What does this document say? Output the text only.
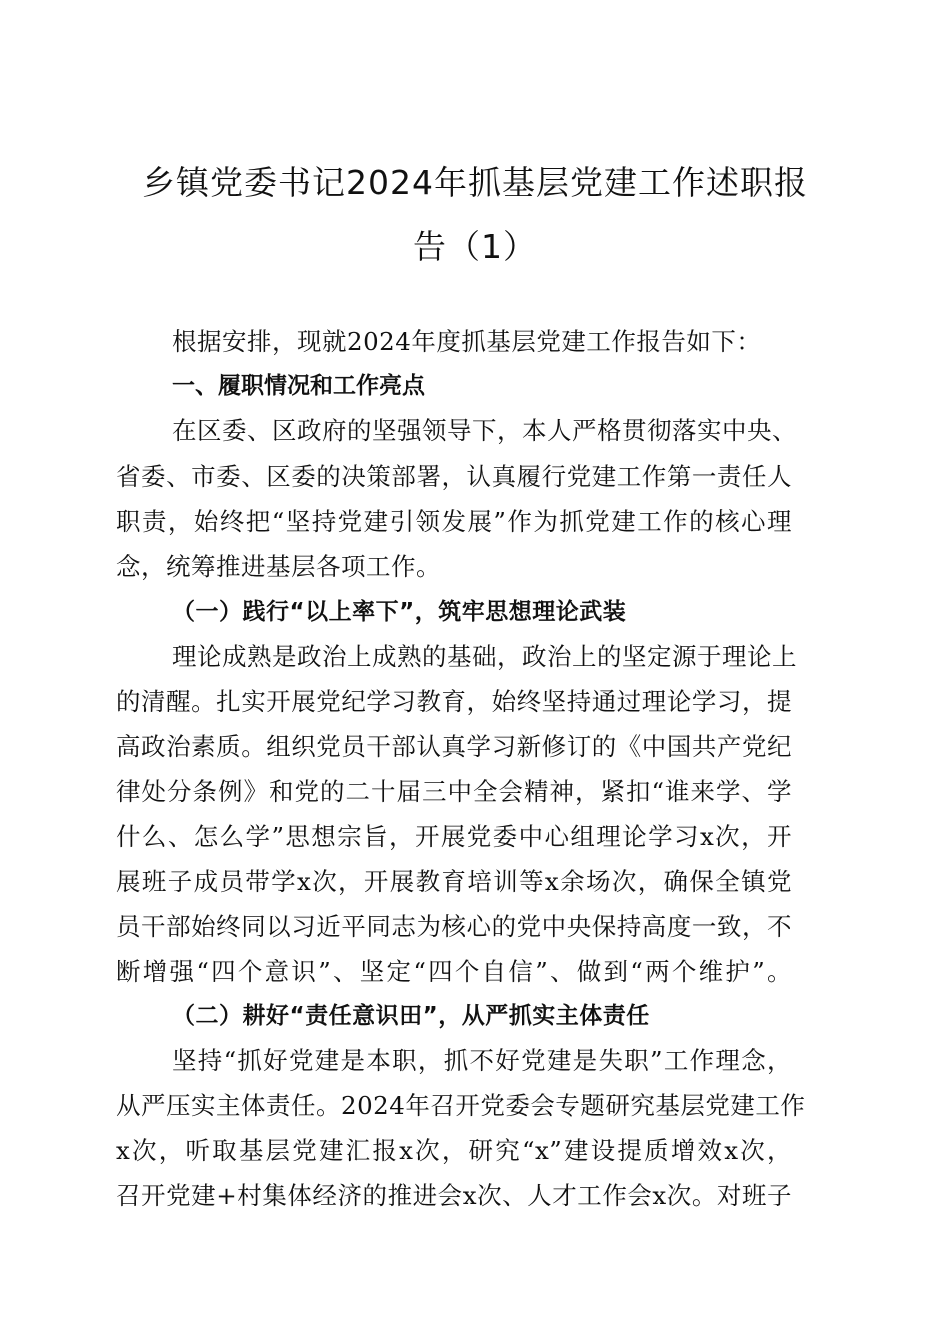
乡镇党委书记2024年抓基层党建工作述职报
告（1）

根据安排，现就2024年度抓基层党建工作报告如下：

一、履职情况和工作亮点

在区委、区政府的坚强领导下，本人严格贯彻落实中央、

省委、市委、区委的决策部署，认真履行党建工作第一责任人

职责，始终把“坚持党建引领发展”作为抓党建工作的核心理

念，统筹推进基层各项工作。

（一）践行“以上率下”，筑牢思想理论武装

理论成熟是政治上成熟的基础，政治上的坚定源于理论上

的清醒。扎实开展党纪学习教育，始终坚持通过理论学习，提

高政治素质。组织党员干部认真学习新修订的《中国共产党纪

律处分条例》和党的二十届三中全会精神，紧扣“谁来学、学

什么、怎么学”思想宗旨，开展党委中心组理论学习x次，开

展班子成员带学x次，开展教育培训等x余场次，确保全镇党

员干部始终同以习近平同志为核心的党中央保持高度一致，不

断增强“四个意识”、坚定“四个自信”、做到“两个维护”。

（二）耕好“责任意识田”，从严抓实主体责任

坚持“抓好党建是本职，抓不好党建是失职”工作理念，

从严压实主体责任。2024年召开党委会专题研究基层党建工作

x次，听取基层党建汇报x次，研究“x”建设提质增效x次，

召开党建+村集体经济的推进会x次、人才工作会x次。对班子
